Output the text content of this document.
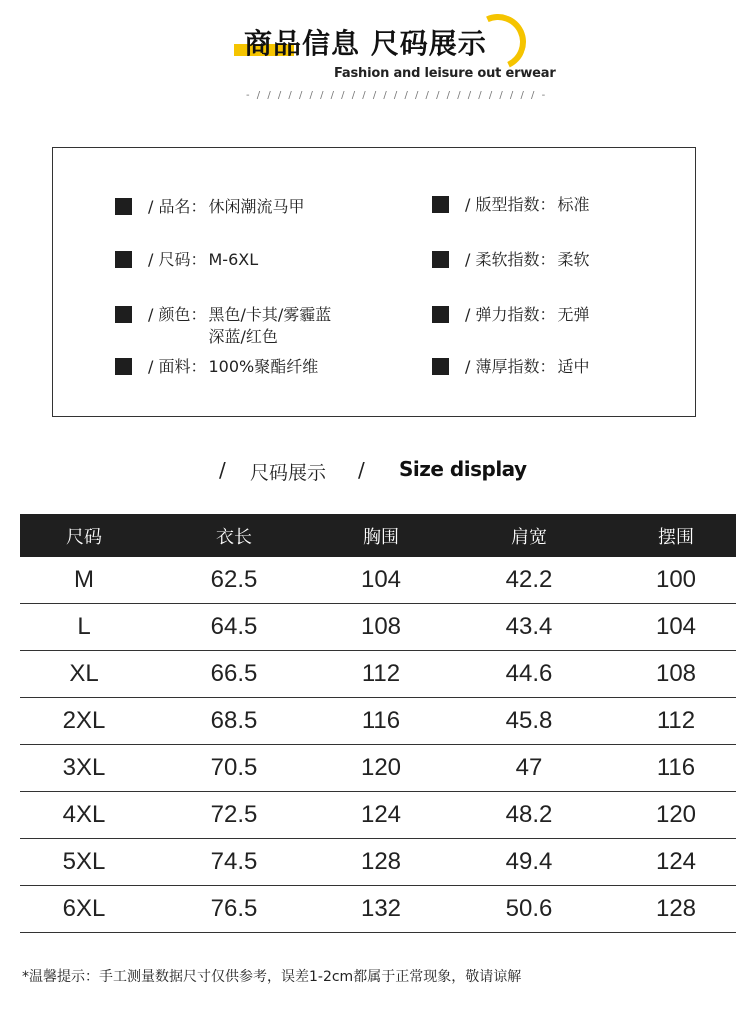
商品信息 尺码展示
Fashion and leisure out erwear
- / / / / / / / / / / / / / / / / / / / / / / / / / / / -
/ 品名： 休闲潮流马甲
/ 尺码： M-6XL
/ 颜色： 黑色/卡其/雾霾蓝
深蓝/红色
/ 面料： 100%聚酯纤维
/ 版型指数： 标准
/ 柔软指数： 柔软
/ 弹力指数： 无弹
/ 薄厚指数： 适中
/ 尺码展示 / Size display
尺码	衣长	胸围	肩宽	摆围
M	62.5	104	42.2	100
L	64.5	108	43.4	104
XL	66.5	112	44.6	108
2XL	68.5	116	45.8	112
3XL	70.5	120	47	116
4XL	72.5	124	48.2	120
5XL	74.5	128	49.4	124
6XL	76.5	132	50.6	128
*温馨提示：手工测量数据尺寸仅供参考，误差1-2cm都属于正常现象，敬请谅解
